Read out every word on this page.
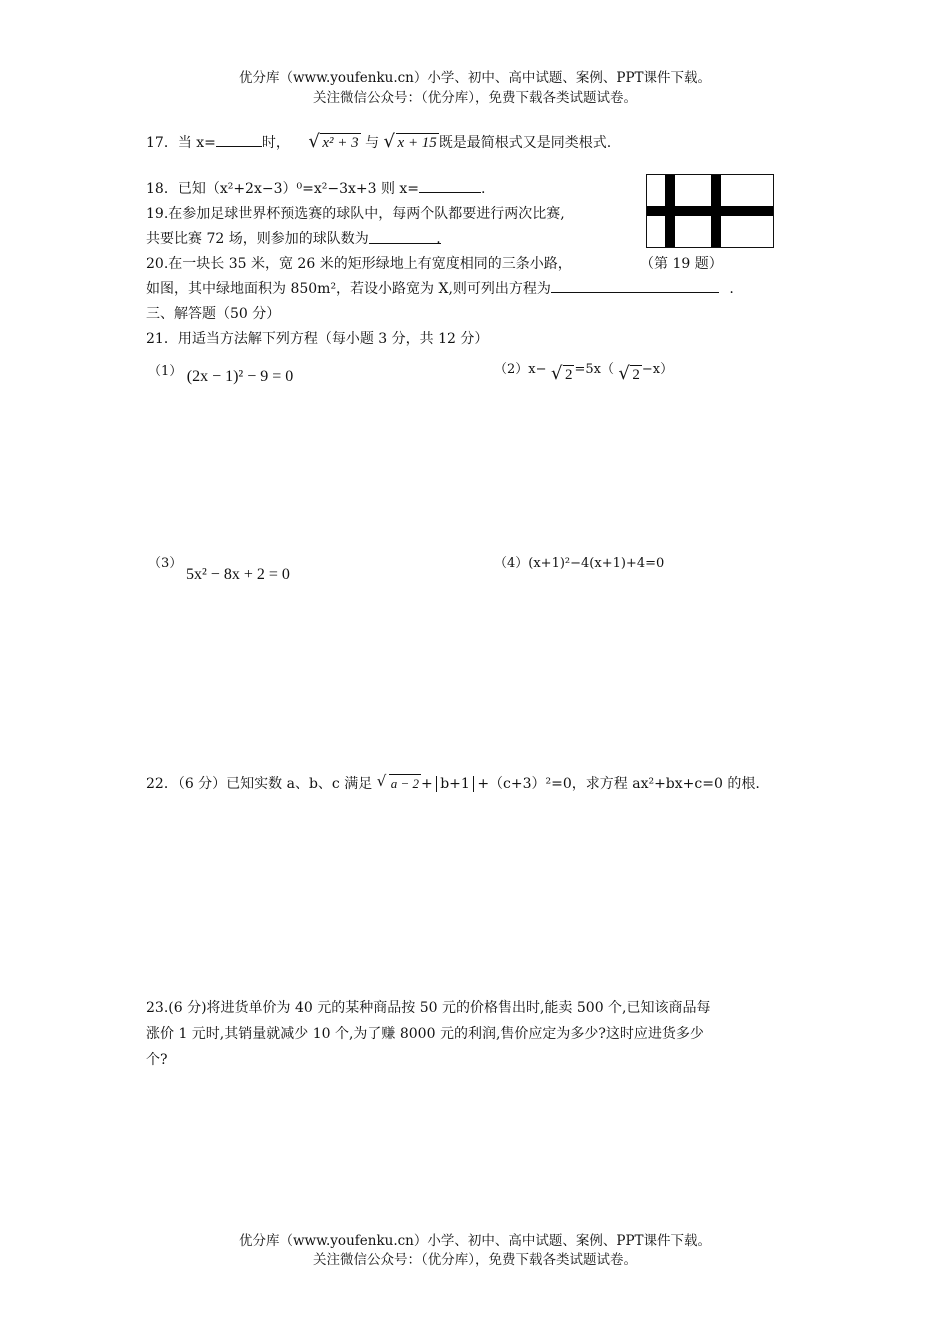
优分库（www.youfenku.cn）小学、初中、高中试题、案例、PPT课件下载。
关注微信公众号：（优分库），免费下载各类试题试卷。
17．当 x=	时， √ x² + 3 与 √ x + 15 既是最简根式又是同类根式.
18．已知（x²+2x−3）⁰=x²−3x+3 则 x=	.
19.在参加足球世界杯预选赛的球队中，每两个队都要进行两次比赛,
共要比赛 72 场，则参加的球队数为	.
20.在一块长 35 米，宽 26 米的矩形绿地上有宽度相同的三条小路，	（第 19 题）
如图，其中绿地面积为 850m²，若设小路宽为 X,则可列出方程为	.
三、解答题（50 分）
21．用适当方法解下列方程（每小题 3 分，共 12 分）
（1） (2x − 1)² − 9 = 0	（2）x− √ 2 =5x（ √ 2 −x）
（3）
5x² − 8x + 2 = 0
（4）(x+1)²−4(x+1)+4=0
22．（6 分）已知实数 a、b、c 满足 √ a − 2 + b+1 +（c+3）²=0，求方程 ax²+bx+c=0 的根.
23.(6 分)将进货单价为 40 元的某种商品按 50 元的价格售出时,能卖 500 个,已知该商品每
涨价 1 元时,其销量就减少 10 个,为了赚 8000 元的利润,售价应定为多少?这时应进货多少
个?
优分库（www.youfenku.cn）小学、初中、高中试题、案例、PPT课件下载。
关注微信公众号：（优分库），免费下载各类试题试卷。
